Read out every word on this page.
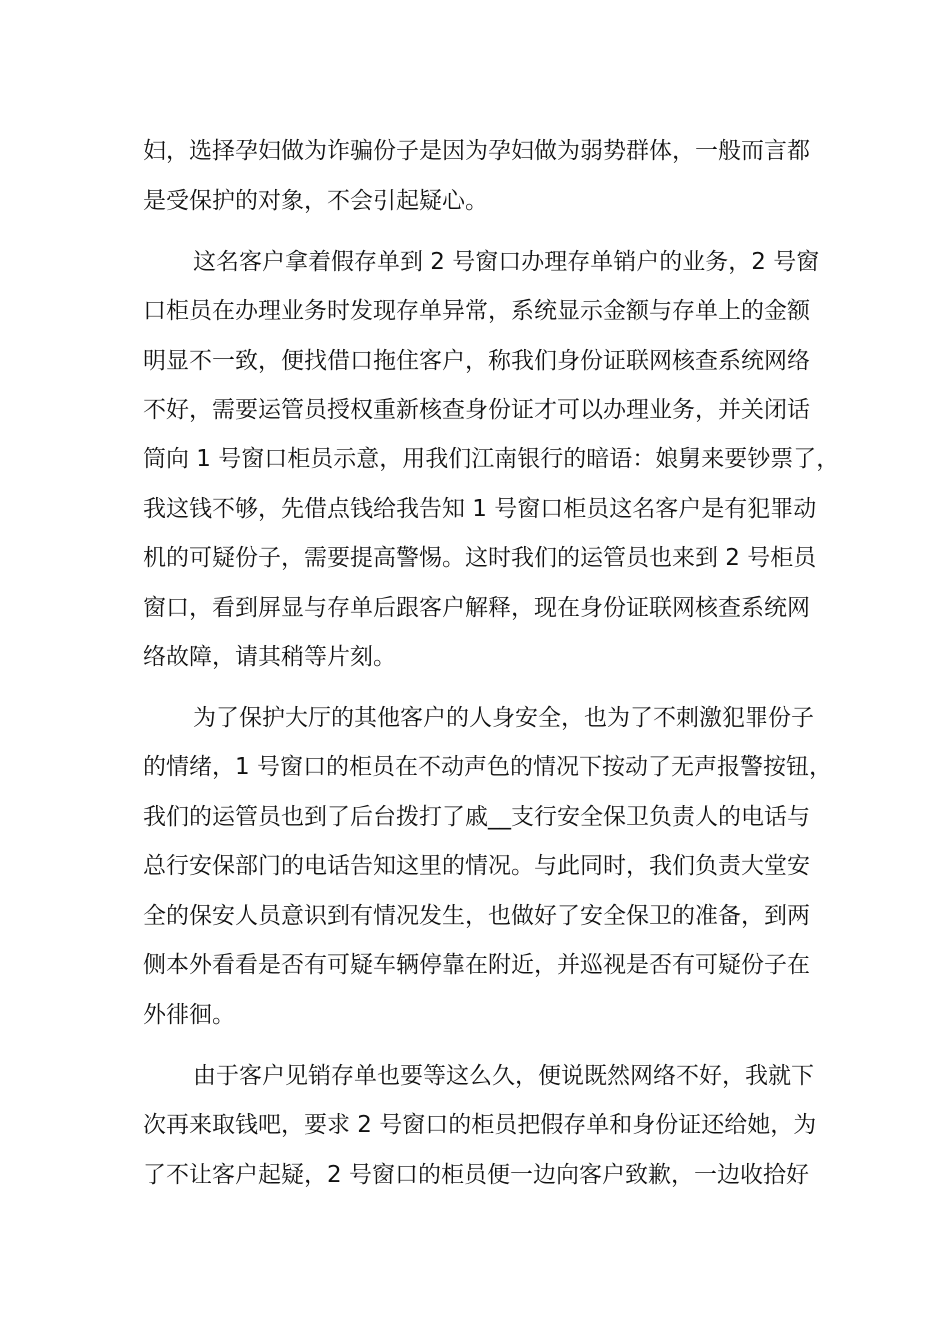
妇，选择孕妇做为诈骗份子是因为孕妇做为弱势群体，一般而言都
是受保护的对象，不会引起疑心。
这名客户拿着假存单到 2 号窗口办理存单销户的业务，2 号窗
口柜员在办理业务时发现存单异常，系统显示金额与存单上的金额
明显不一致，便找借口拖住客户，称我们身份证联网核查系统网络
不好，需要运管员授权重新核查身份证才可以办理业务，并关闭话
筒向 1 号窗口柜员示意，用我们江南银行的暗语：娘舅来要钞票了，
我这钱不够，先借点钱给我告知 1 号窗口柜员这名客户是有犯罪动
机的可疑份子，需要提高警惕。这时我们的运管员也来到 2 号柜员
窗口，看到屏显与存单后跟客户解释，现在身份证联网核查系统网
络故障，请其稍等片刻。
为了保护大厅的其他客户的人身安全，也为了不刺激犯罪份子
的情绪，1 号窗口的柜员在不动声色的情况下按动了无声报警按钮，
我们的运管员也到了后台拨打了戚__支行安全保卫负责人的电话与
总行安保部门的电话告知这里的情况。与此同时，我们负责大堂安
全的保安人员意识到有情况发生，也做好了安全保卫的准备，到两
侧本外看看是否有可疑车辆停靠在附近，并巡视是否有可疑份子在
外徘徊。
由于客户见销存单也要等这么久，便说既然网络不好，我就下
次再来取钱吧，要求 2 号窗口的柜员把假存单和身份证还给她，为
了不让客户起疑，2 号窗口的柜员便一边向客户致歉，一边收拾好
